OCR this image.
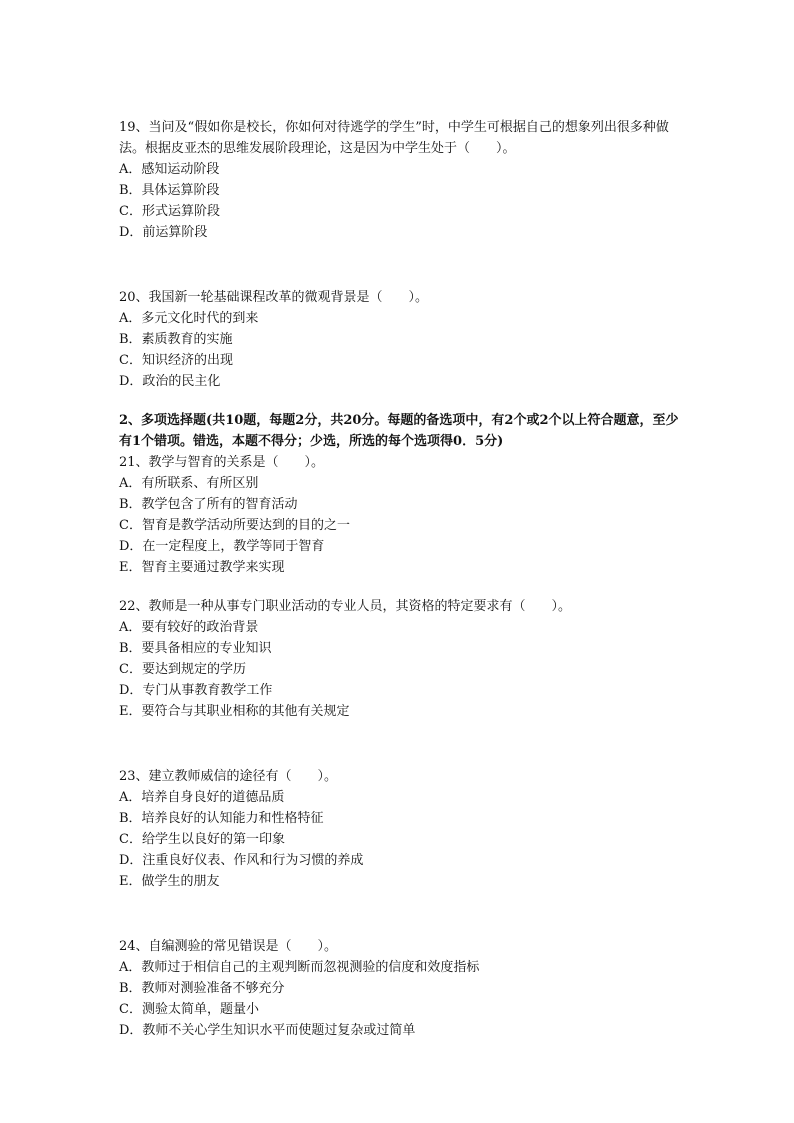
19、当问及“假如你是校长，你如何对待逃学的学生”时，中学生可根据自己的想象列出很多种做法。根据皮亚杰的思维发展阶段理论，这是因为中学生处于（　　）。

A．感知运动阶段

B．具体运算阶段

C．形式运算阶段

D．前运算阶段

20、我国新一轮基础课程改革的微观背景是（　　）。

A．多元文化时代的到来

B．素质教育的实施

C．知识经济的出现

D．政治的民主化

2、多项选择题(共10题，每题2分，共20分。每题的备选项中，有2个或2个以上符合题意，至少有1个错项。错选，本题不得分；少选，所选的每个选项得0．5分)

21、教学与智育的关系是（　　）。

A．有所联系、有所区别

B．教学包含了所有的智育活动

C．智育是教学活动所要达到的目的之一

D．在一定程度上，教学等同于智育

E．智育主要通过教学来实现

22、教师是一种从事专门职业活动的专业人员，其资格的特定要求有（　　）。

A．要有较好的政治背景

B．要具备相应的专业知识

C．要达到规定的学历

D．专门从事教育教学工作

E．要符合与其职业相称的其他有关规定

23、建立教师威信的途径有（　　）。

A．培养自身良好的道德品质

B．培养良好的认知能力和性格特征

C．给学生以良好的第一印象

D．注重良好仪表、作风和行为习惯的养成

E．做学生的朋友

24、自编测验的常见错误是（　　）。

A．教师过于相信自己的主观判断而忽视测验的信度和效度指标

B．教师对测验准备不够充分

C．测验太简单，题量小

D．教师不关心学生知识水平而使题过复杂或过简单
